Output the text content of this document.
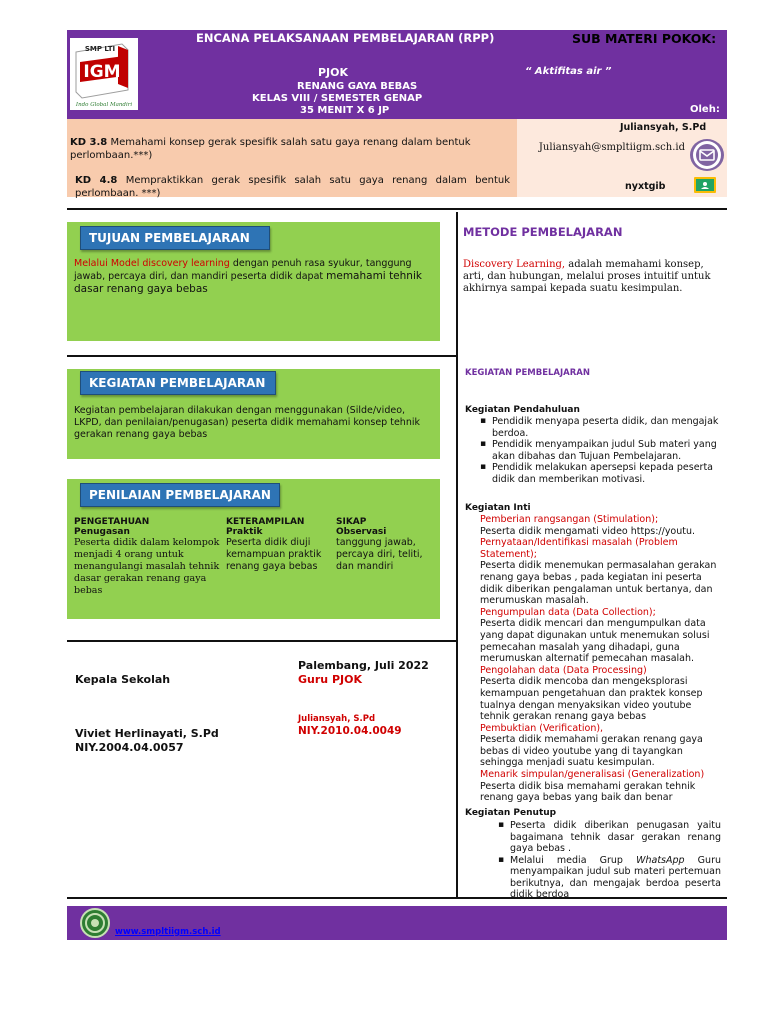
SMP LTI
IGM
Indo Global Mandiri
ENCANA PELAKSANAAN PEMBELAJARAN (RPP)
PJOK
RENANG GAYA BEBAS
KELAS VIII / SEMESTER GENAP
35 MENIT X 6 JP
SUB MATERI POKOK:
“ Aktifitas air ”
Oleh:
KD 3.8 Memahami konsep gerak spesifik salah satu gaya renang dalam bentuk perlombaan.***)
KD 4.8 Mempraktikkan gerak spesifik salah satu gaya renang dalam bentuk perlombaan. ***)
Juliansyah, S.Pd
Juliansyah@smpltiigm.sch.id
nyxtgib
TUJUAN PEMBELAJARAN
Melalui Model discovery learning dengan penuh rasa syukur, tanggung jawab, percaya diri, dan mandiri peserta didik dapat memahami tehnik dasar renang gaya bebas
KEGIATAN PEMBELAJARAN
Kegiatan pembelajaran dilakukan dengan menggunakan (Silde/video, LKPD, dan penilaian/penugasan) peserta didik memahami konsep tehnik gerakan renang gaya bebas
PENILAIAN PEMBELAJARAN
PENGETAHUAN
Penugasan
Peserta didik dalam kelompok menjadi 4 orang untuk menangulangi masalah tehnik dasar gerakan renang gaya bebas
KETERAMPILAN
Praktik
Peserta didik diuji kemampuan praktik renang gaya bebas
SIKAP
Observasi
tanggung jawab, percaya diri, teliti, dan mandiri
Palembang, Juli 2022
Guru PJOK
Kepala Sekolah
Juliansyah, S.Pd
NIY.2010.04.0049
Viviet Herlinayati, S.Pd
NIY.2004.04.0057
METODE PEMBELAJARAN
Discovery Learning, adalah memahami konsep, arti, dan hubungan, melalui proses intuitif untuk akhirnya sampai kepada suatu kesimpulan.
KEGIATAN PEMBELAJARAN
Kegiatan Pendahuluan
▪ Pendidik menyapa peserta didik, dan mengajak berdoa.
▪ Pendidik menyampaikan judul Sub materi yang akan dibahas dan Tujuan Pembelajaran.
▪ Pendidik melakukan apersepsi kepada peserta didik dan memberikan motivasi.
Kegiatan Inti
Pemberian rangsangan (Stimulation);
Peserta didik mengamati video https://youtu.
Pernyataan/Identifikasi masalah (Problem Statement);
Peserta didik menemukan permasalahan gerakan renang gaya bebas , pada kegiatan ini peserta didik diberikan pengalaman untuk bertanya, dan merumuskan masalah.
Pengumpulan data (Data Collection);
Peserta didik mencari dan mengumpulkan data yang dapat digunakan untuk menemukan solusi pemecahan masalah yang dihadapi, guna merumuskan alternatif pemecahan masalah.
Pengolahan data (Data Processing)
Peserta didik mencoba dan mengeksplorasi kemampuan pengetahuan dan praktek konsep tualnya dengan menyaksikan video youtube tehnik gerakan renang gaya bebas
Pembuktian (Verification),
Peserta didik memahami gerakan renang gaya bebas di video youtube yang di tayangkan sehingga menjadi suatu kesimpulan.
Menarik simpulan/generalisasi (Generalization)
Peserta didik bisa memahami gerakan tehnik renang gaya bebas yang baik dan benar
Kegiatan Penutup
▪ Peserta didik diberikan penugasan yaitu bagaimana tehnik dasar gerakan renang gaya bebas .
▪ Melalui media Grup WhatsApp Guru menyampaikan judul sub materi pertemuan berikutnya, dan mengajak berdoa peserta didik berdoa
www.smpltiigm.sch.id
